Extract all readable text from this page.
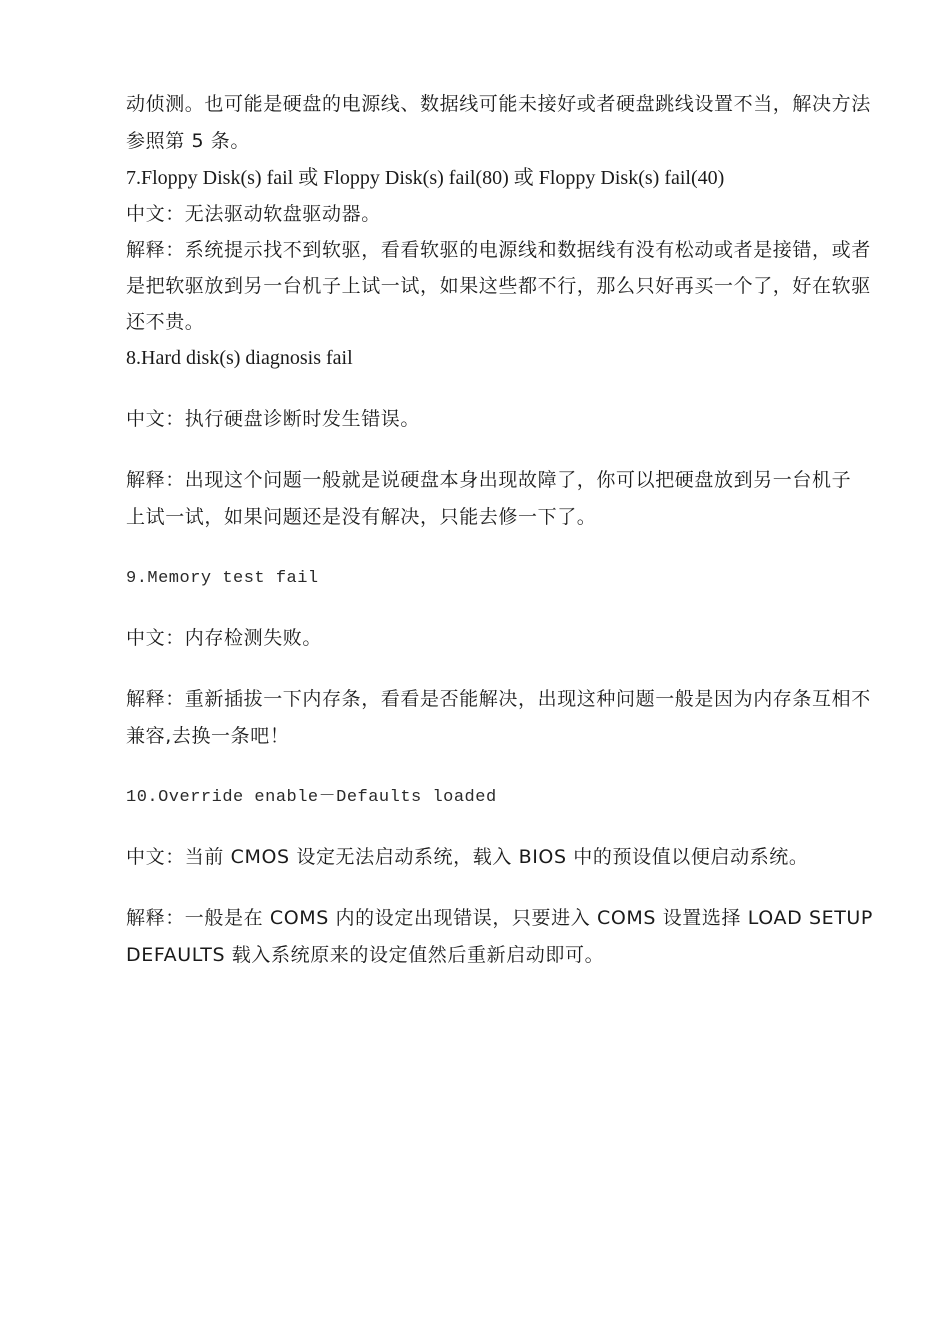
动侦测。也可能是硬盘的电源线、数据线可能未接好或者硬盘跳线设置不当，解决方法
参照第 5 条。
7.Floppy Disk(s) fail 或 Floppy Disk(s) fail(80) 或 Floppy Disk(s) fail(40)
中文：无法驱动软盘驱动器。
解释：系统提示找不到软驱，看看软驱的电源线和数据线有没有松动或者是接错，或者
是把软驱放到另一台机子上试一试，如果这些都不行，那么只好再买一个了，好在软驱
还不贵。
8.Hard disk(s) diagnosis fail
中文：执行硬盘诊断时发生错误。
解释：出现这个问题一般就是说硬盘本身出现故障了，你可以把硬盘放到另一台机子
上试一试，如果问题还是没有解决，只能去修一下了。
9.Memory test fail
中文：内存检测失败。
解释：重新插拔一下内存条，看看是否能解决，出现这种问题一般是因为内存条互相不
兼容,去换一条吧！
10.Override enable－Defaults loaded
中文：当前 CMOS 设定无法启动系统，载入 BIOS 中的预设值以便启动系统。
解释：一般是在 COMS 内的设定出现错误，只要进入 COMS 设置选择 LOAD SETUP
DEFAULTS 载入系统原来的设定值然后重新启动即可。
